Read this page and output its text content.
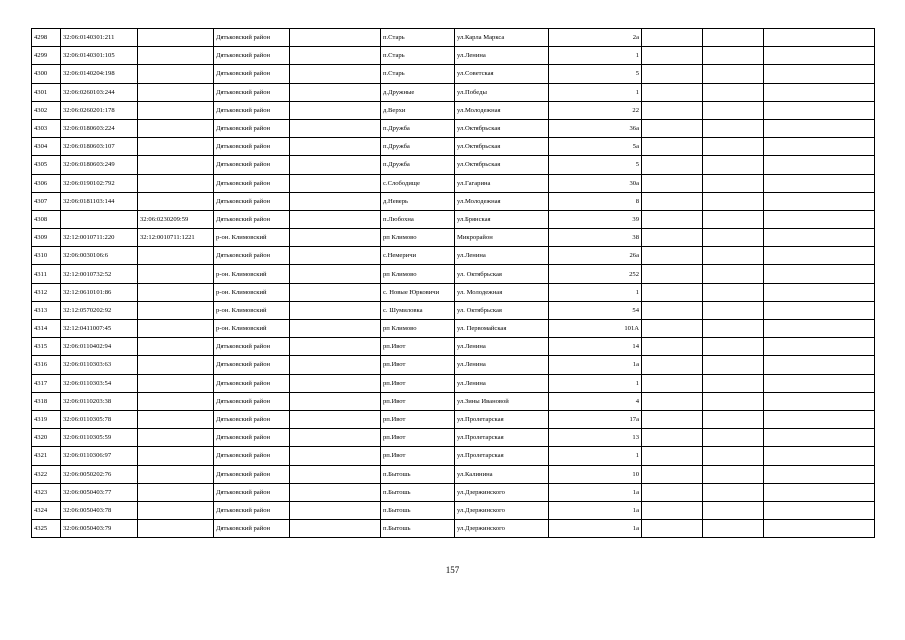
4298	32:06:0140301:211		Дятьковский район		п.Старь	ул.Карла Маркса	2а			
4299	32:06:0140301:105		Дятьковский район		п.Старь	ул.Ленина	1			
4300	32:06:0140204:198		Дятьковский район		п.Старь	ул.Советская	5			
4301	32:06:0260103:244		Дятьковский район		д.Дружные	ул.Победы	1			
4302	32:06:0260201:178		Дятьковский район		д.Верхи	ул.Молодежная	22			
4303	32:06:0180603:224		Дятьковский район		п.Дружба	ул.Октябрьская	36а			
4304	32:06:0180603:107		Дятьковский район		п.Дружба	ул.Октябрьская	5а			
4305	32:06:0180603:249		Дятьковский район		п.Дружба	ул.Октябрьская	5			
4306	32:06:0190102:792		Дятьковский район		с.Слободище	ул.Гагарина	30а			
4307	32:06:0181103:144		Дятьковский район		д.Неверь	ул.Молодежная	8			
4308		32:06:0230209:59	Дятьковский район		п.Любохна	ул.Брянская	39			
4309	32:12:0010711:220	32:12:0010711:1221	р-он. Климовский		рп Климово	Микрорайон	38			
4310	32:06:0030106:6		Дятьковский район		с.Немеричи	ул.Ленина	26а			
4311	32:12:0010732:52		р-он. Климовский		рп Климово	ул. Октябрьская	252			
4312	32:12:0610101:86		р-он. Климовский		с. Новые Юрковичи	ул. Молодежная	1			
4313	32:12:0570202:92		р-он. Климовский		с. Шумиловка	ул. Октябрьская	54			
4314	32:12:0411007:45		р-он. Климовский		рп Климово	ул. Первомайская	101А			
4315	32:06:0110402:94		Дятьковский район		рп.Ивот	ул.Ленина	14			
4316	32:06:0110303:63		Дятьковский район		рп.Ивот	ул.Ленина	1а			
4317	32:06:0110303:54		Дятьковский район		рп.Ивот	ул.Ленина	1			
4318	32:06:0110203:38		Дятьковский район		рп.Ивот	ул.Зины Ивановой	4			
4319	32:06:0110305:78		Дятьковский район		рп.Ивот	ул.Пролетарская	17а			
4320	32:06:0110305:59		Дятьковский район		рп.Ивот	ул.Пролетарская	13			
4321	32:06:0110306:97		Дятьковский район		рп.Ивот	ул.Пролетарская	1			
4322	32:06:0050202:76		Дятьковский район		п.Бытошь	ул.Калинина	10			
4323	32:06:0050403:77		Дятьковский район		п.Бытошь	ул.Дзержинского	1а			
4324	32:06:0050403:78		Дятьковский район		п.Бытошь	ул.Дзержинского	1а			
4325	32:06:0050403:79		Дятьковский район		п.Бытошь	ул.Дзержинского	1а			
157
